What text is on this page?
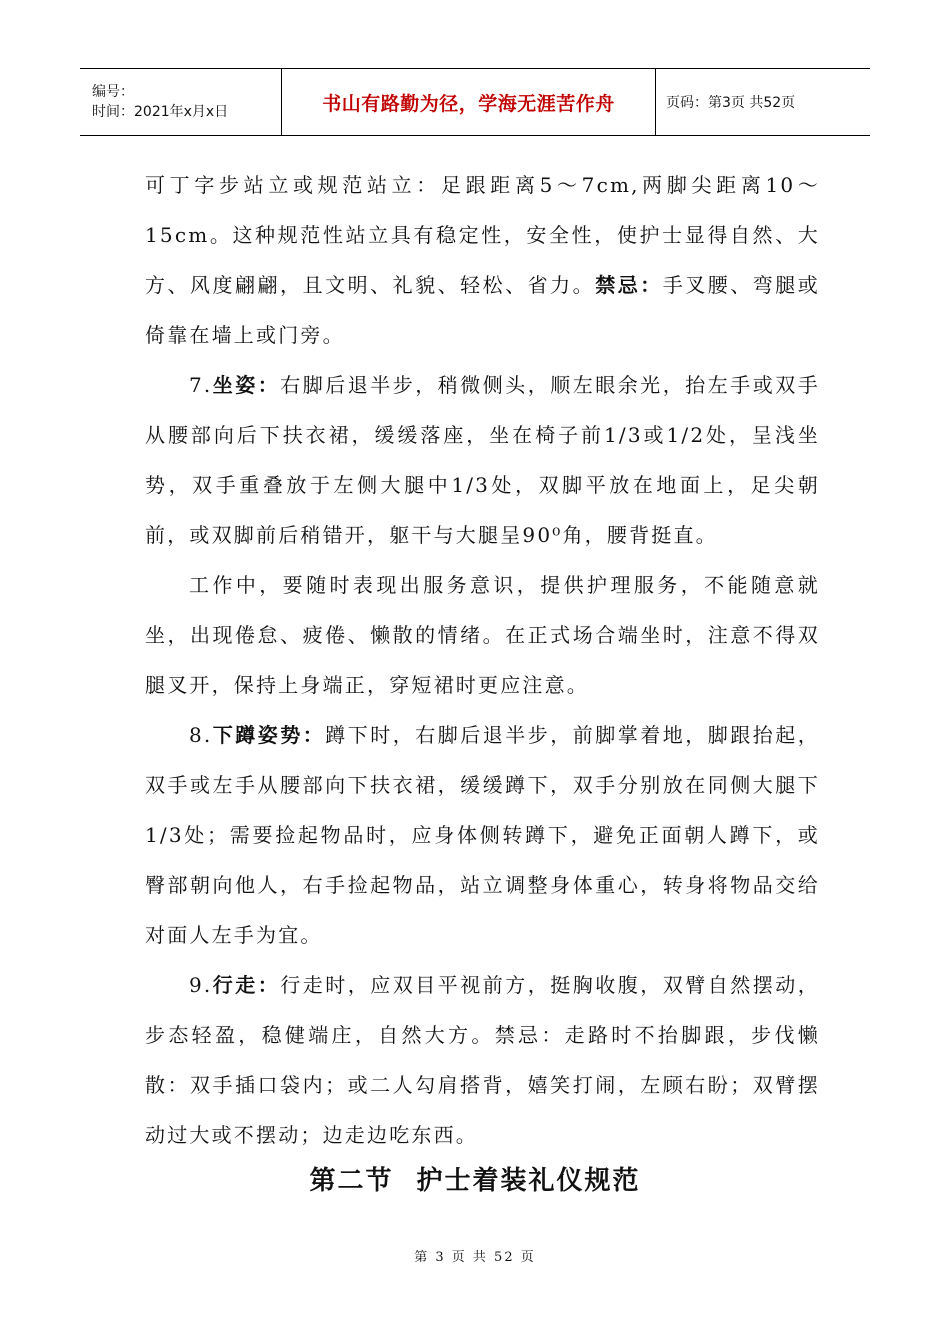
编号：
时间：2021年x月x日	书山有路勤为径，学海无涯苦作舟	页码：第3页 共52页

可丁字步站立或规范站立：足跟距离5～7cm,两脚尖距离10～15cm。这种规范性站立具有稳定性，安全性，使护士显得自然、大方、风度翩翩，且文明、礼貌、轻松、省力。禁忌：手叉腰、弯腿或倚靠在墙上或门旁。

7.坐姿：右脚后退半步，稍微侧头，顺左眼余光，抬左手或双手从腰部向后下扶衣裙，缓缓落座，坐在椅子前1/3或1/2处，呈浅坐势，双手重叠放于左侧大腿中1/3处，双脚平放在地面上，足尖朝前，或双脚前后稍错开，躯干与大腿呈90⁰角，腰背挺直。

工作中，要随时表现出服务意识，提供护理服务，不能随意就坐，出现倦怠、疲倦、懒散的情绪。在正式场合端坐时，注意不得双腿叉开，保持上身端正，穿短裙时更应注意。

8.下蹲姿势：蹲下时，右脚后退半步，前脚掌着地，脚跟抬起，双手或左手从腰部向下扶衣裙，缓缓蹲下，双手分别放在同侧大腿下1/3处；需要捡起物品时，应身体侧转蹲下，避免正面朝人蹲下，或臀部朝向他人，右手捡起物品，站立调整身体重心，转身将物品交给对面人左手为宜。

9.行走：行走时，应双目平视前方，挺胸收腹，双臂自然摆动，步态轻盈，稳健端庄，自然大方。禁忌：走路时不抬脚跟，步伐懒散：双手插口袋内；或二人勾肩搭背，嬉笑打闹，左顾右盼；双臂摆动过大或不摆动；边走边吃东西。

第二节 护士着装礼仪规范
第 3 页 共 52 页
